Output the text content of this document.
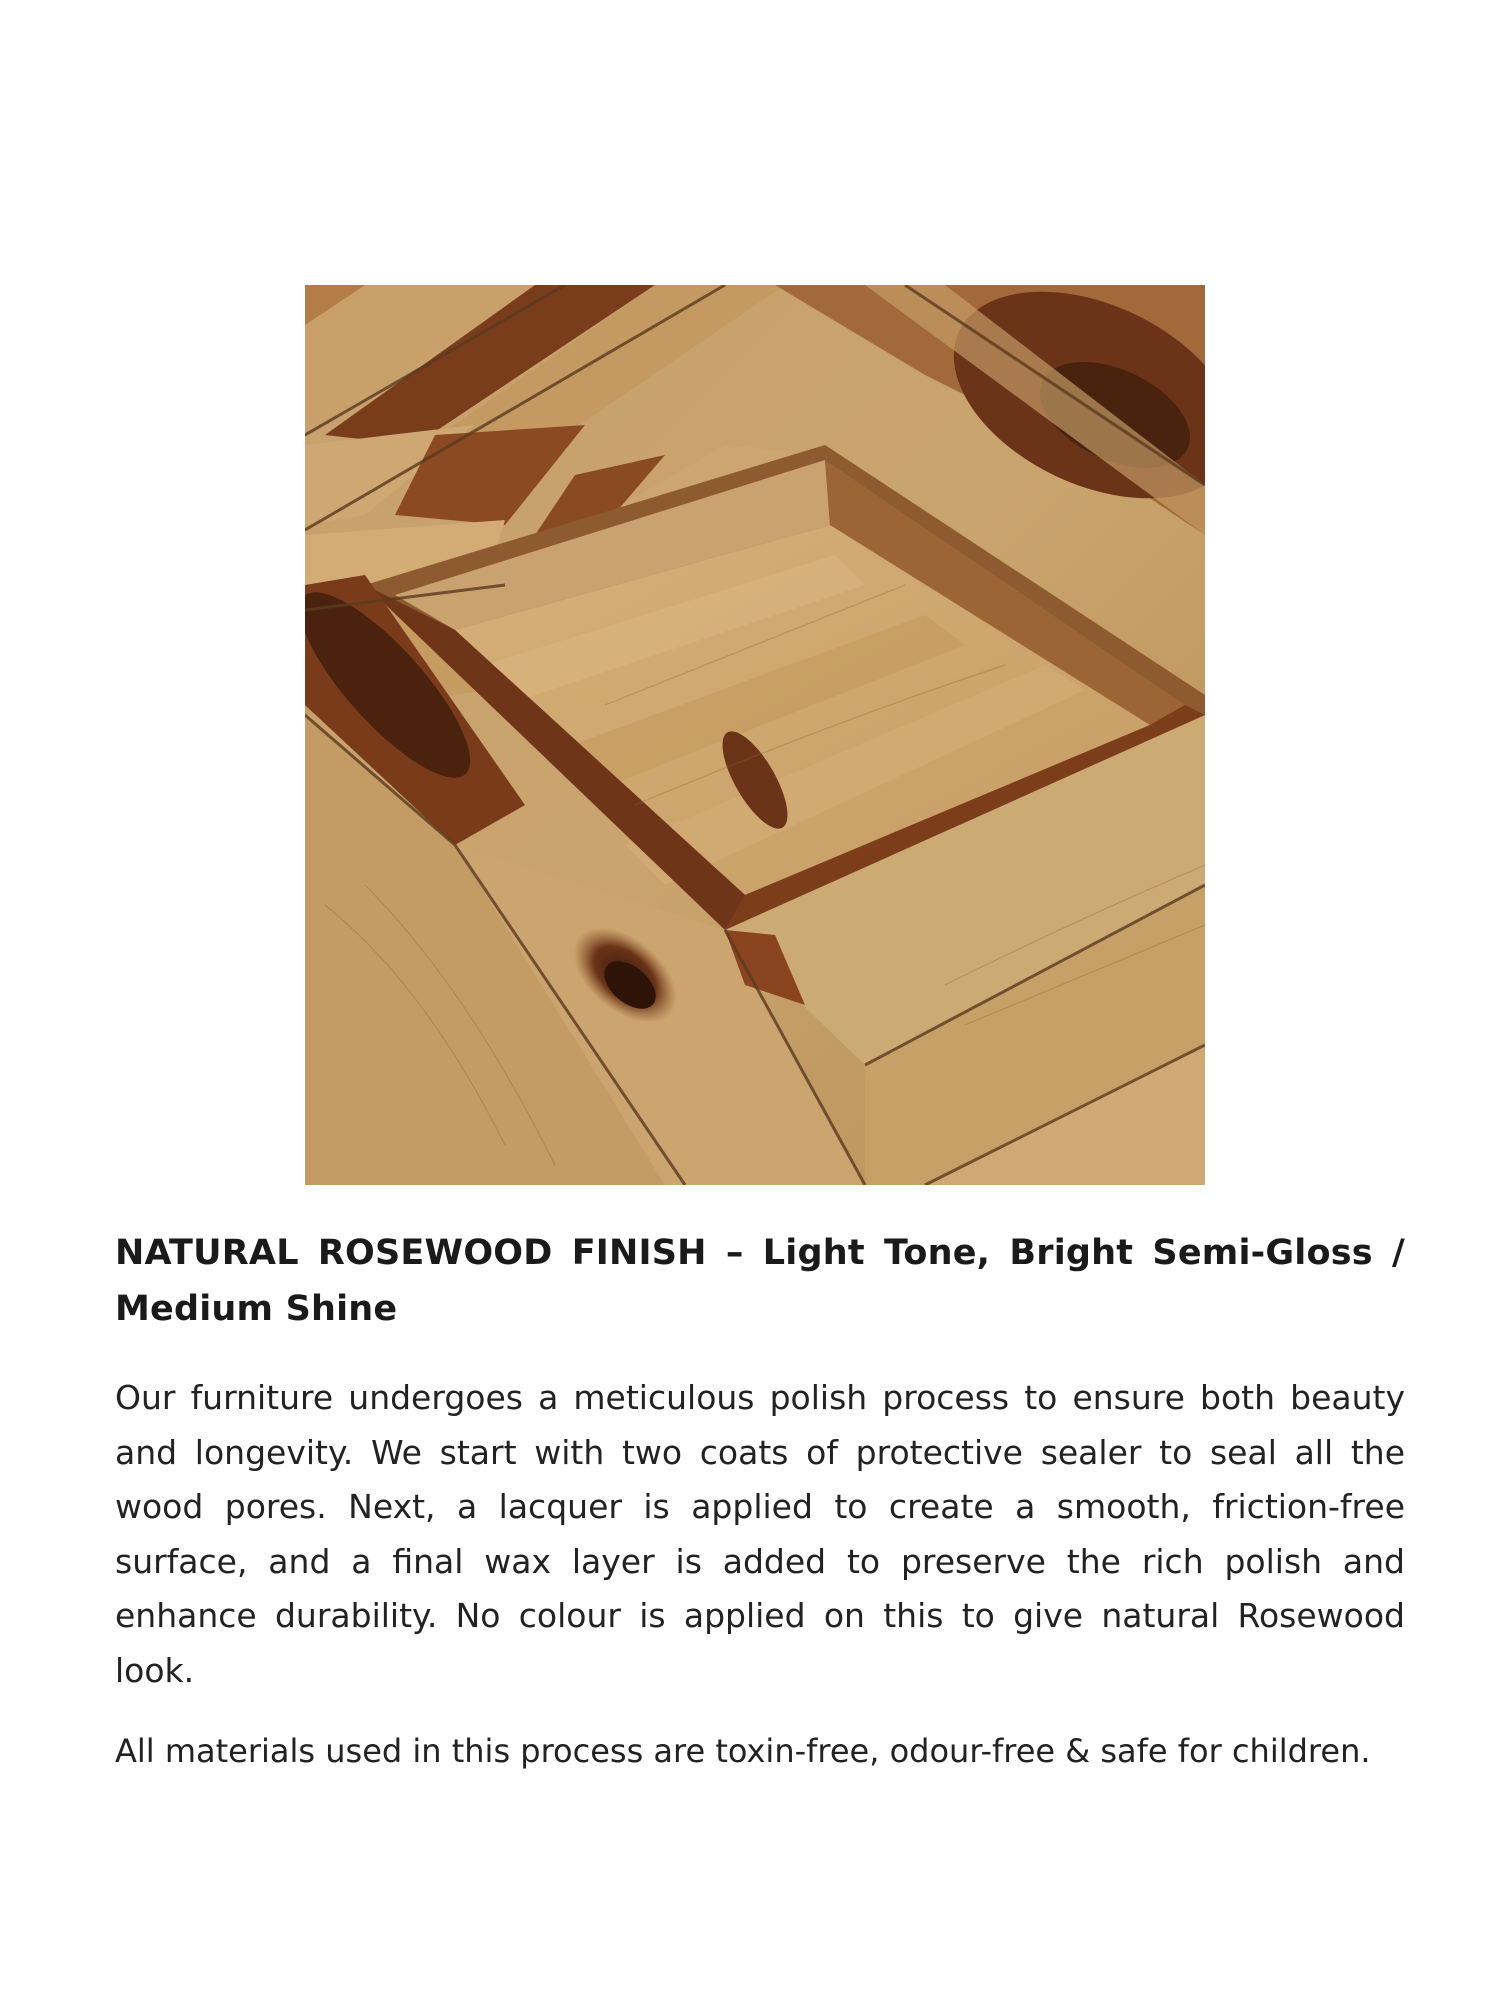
NATURAL ROSEWOOD FINISH – Light Tone, Bright Semi-Gloss / Medium Shine

Our furniture undergoes a meticulous polish process to ensure both beauty and longevity. We start with two coats of protective sealer to seal all the wood pores. Next, a lacquer is applied to create a smooth, friction-free surface, and a final wax layer is added to preserve the rich polish and enhance durability. No colour is applied on this to give natural Rosewood look.

All materials used in this process are toxin-free, odour-free & safe for children.
